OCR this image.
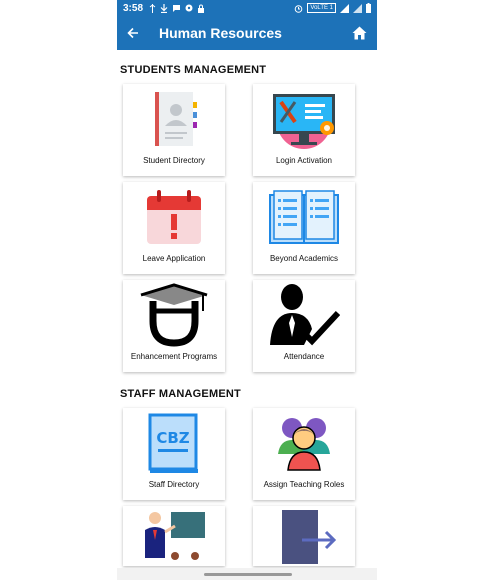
3:58	VoLTE 1
Human Resources
STUDENTS MANAGEMENT
Student Directory	Login Activation
Leave Application	Beyond Academics
Enhancement Programs	Attendance
STAFF MANAGEMENT
CBZ
Staff Directory	Assign Teaching Roles
